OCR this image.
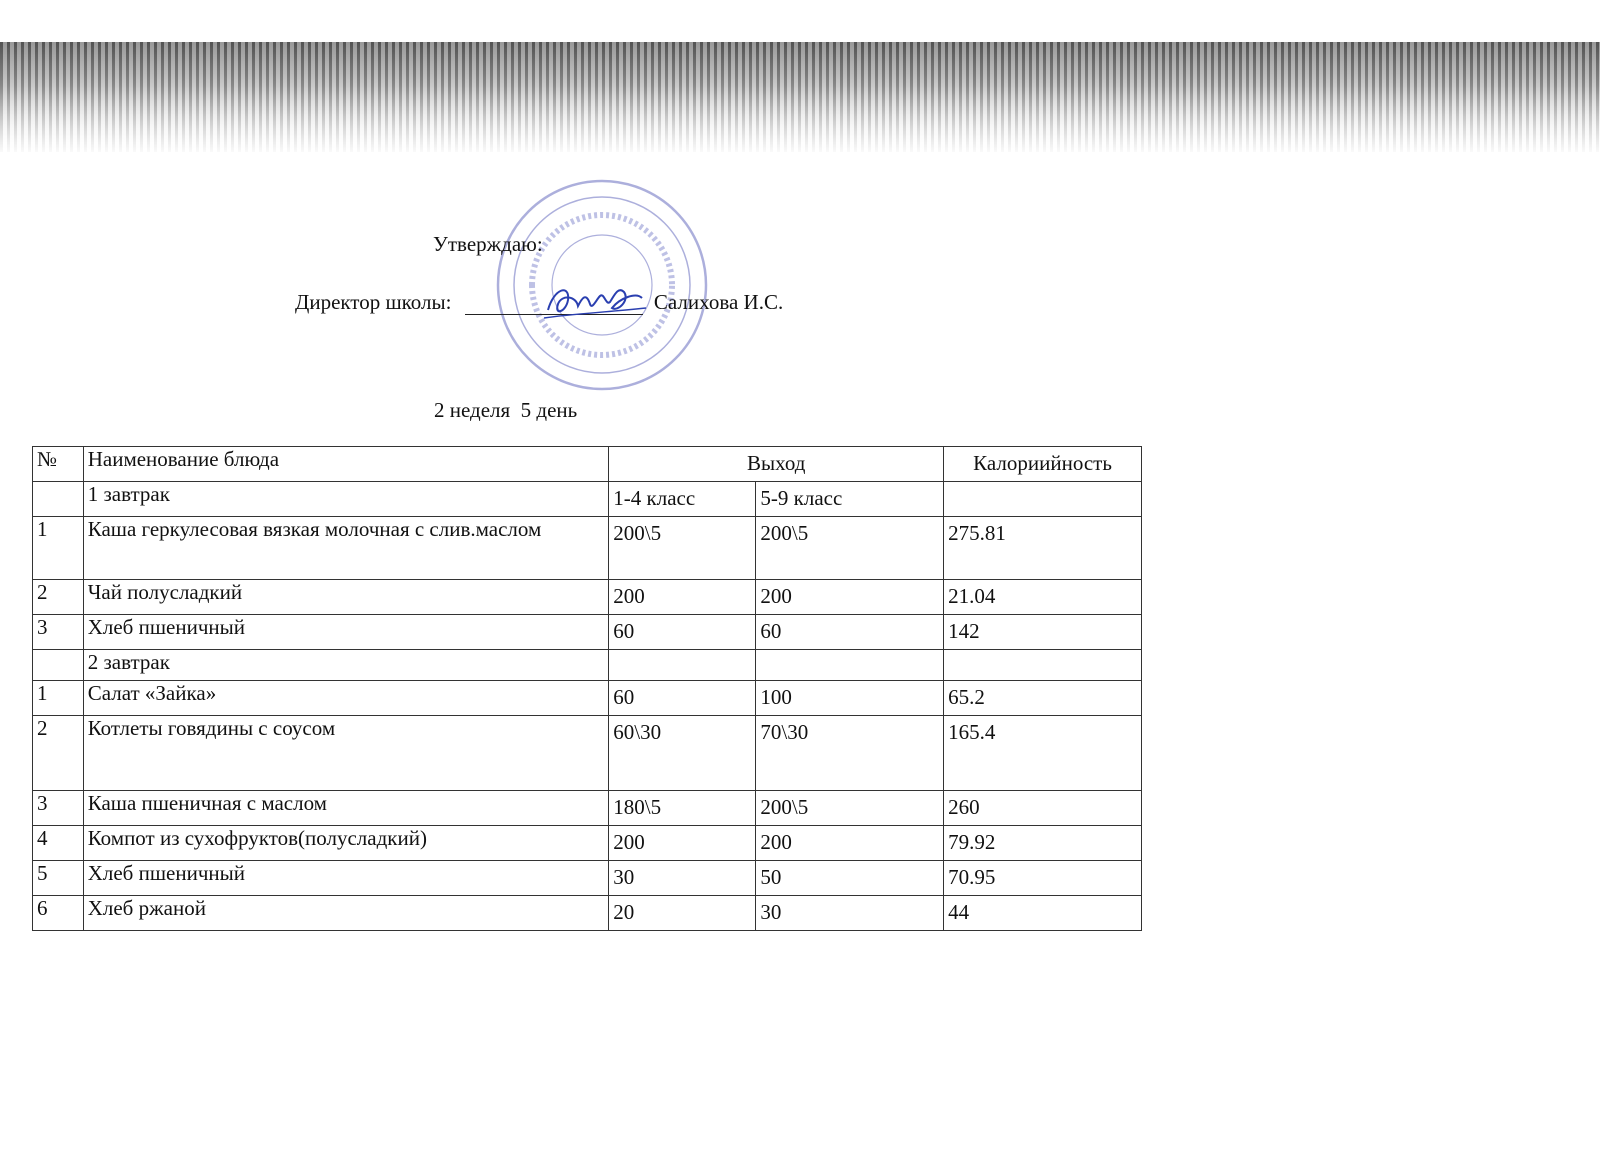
Утверждаю:
Директор школы:	Салихова И.С.
2 неделя  5 день
№	Наименование блюда	Выход		Калориийность
	1 завтрак	1-4 класс	5-9 класс	
1	Каша геркулесовая вязкая молочная с слив.маслом	200\5	200\5	275.81
2	Чай полусладкий	200	200	21.04
3	Хлеб пшеничный	60	60	142
	2 завтрак			
1	Салат «Зайка»	60	100	65.2
2	Котлеты говядины с соусом	60\30	70\30	165.4
3	Каша пшеничная с маслом	180\5	200\5	260
4	Компот из сухофруктов(полусладкий)	200	200	79.92
5	Хлеб пшеничный	30	50	70.95
6	Хлеб ржаной	20	30	44
